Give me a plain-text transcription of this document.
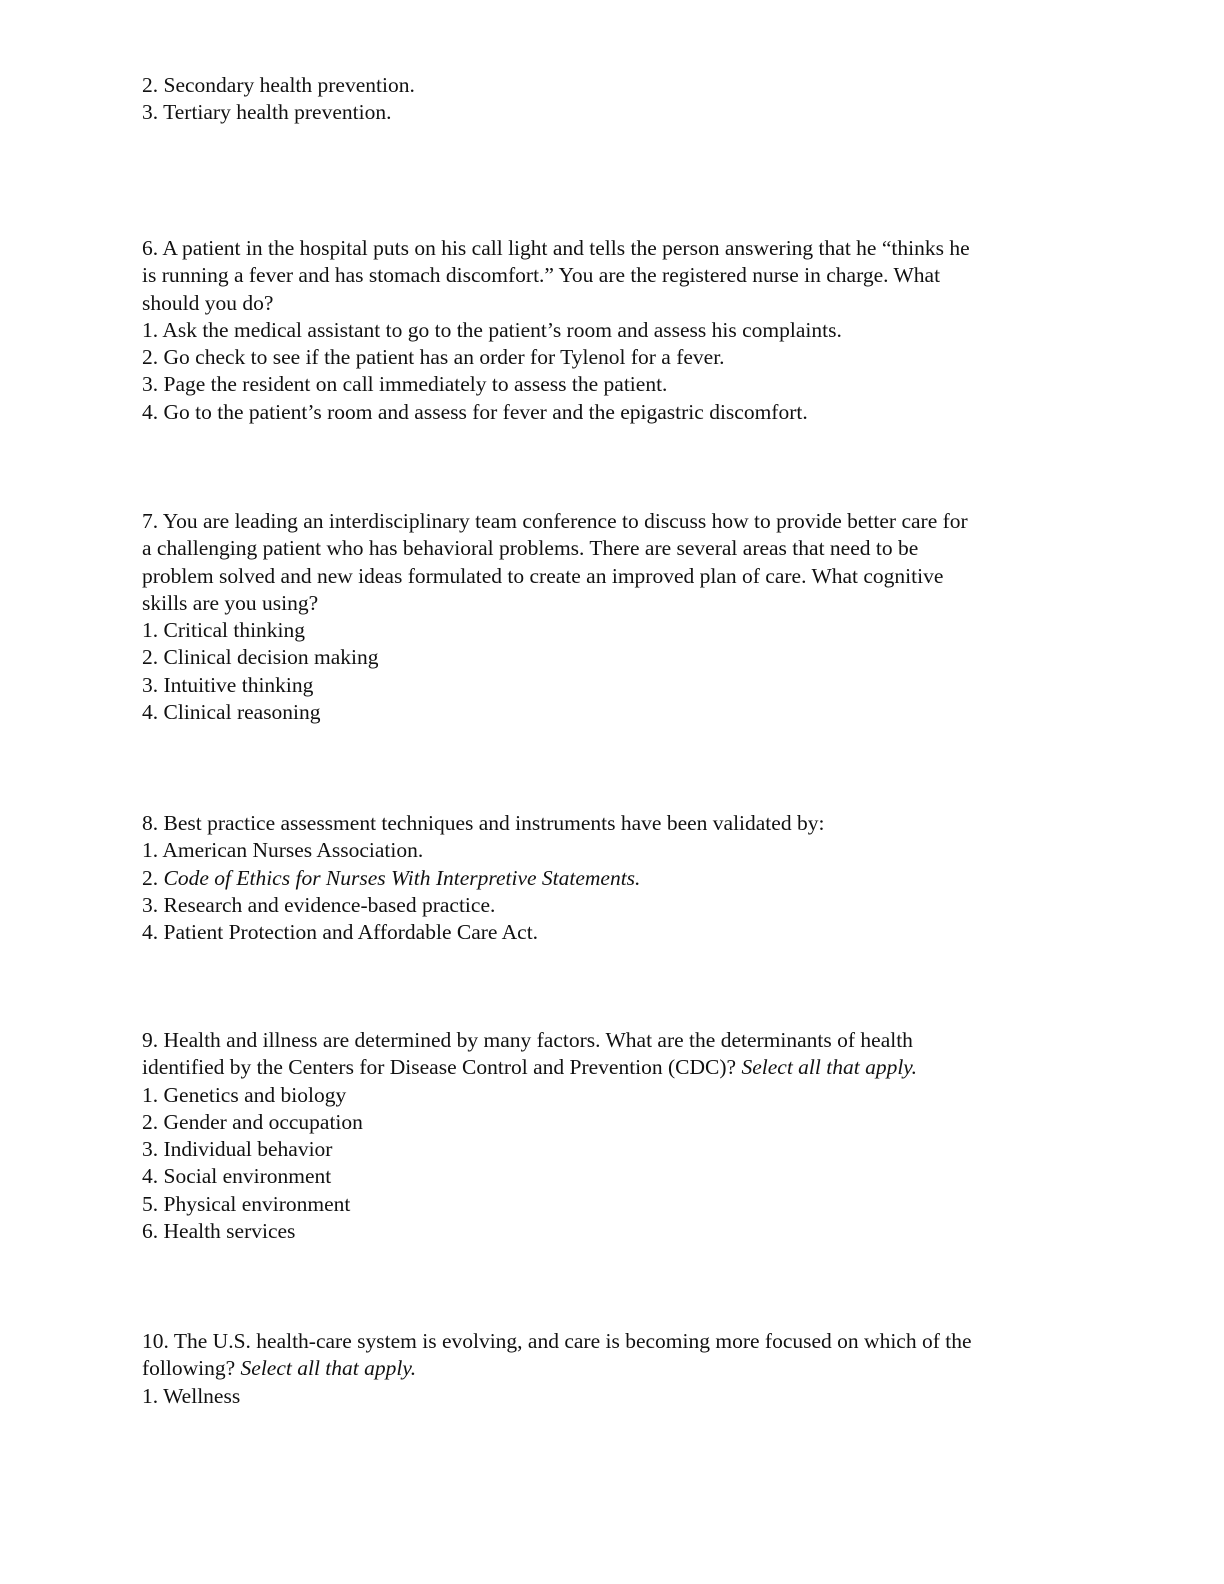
2. Secondary health prevention.
3. Tertiary health prevention.
6. A patient in the hospital puts on his call light and tells the person answering that he “thinks he
is running a fever and has stomach discomfort.” You are the registered nurse in charge. What
should you do?
1. Ask the medical assistant to go to the patient’s room and assess his complaints.
2. Go check to see if the patient has an order for Tylenol for a fever.
3. Page the resident on call immediately to assess the patient.
4. Go to the patient’s room and assess for fever and the epigastric discomfort.
7. You are leading an interdisciplinary team conference to discuss how to provide better care for
a challenging patient who has behavioral problems. There are several areas that need to be
problem solved and new ideas formulated to create an improved plan of care. What cognitive
skills are you using?
1. Critical thinking
2. Clinical decision making
3. Intuitive thinking
4. Clinical reasoning
8. Best practice assessment techniques and instruments have been validated by:
1. American Nurses Association.
2. Code of Ethics for Nurses With Interpretive Statements.
3. Research and evidence-based practice.
4. Patient Protection and Affordable Care Act.
9. Health and illness are determined by many factors. What are the determinants of health
identified by the Centers for Disease Control and Prevention (CDC)? Select all that apply.
1. Genetics and biology
2. Gender and occupation
3. Individual behavior
4. Social environment
5. Physical environment
6. Health services
10. The U.S. health-care system is evolving, and care is becoming more focused on which of the
following? Select all that apply.
1. Wellness
